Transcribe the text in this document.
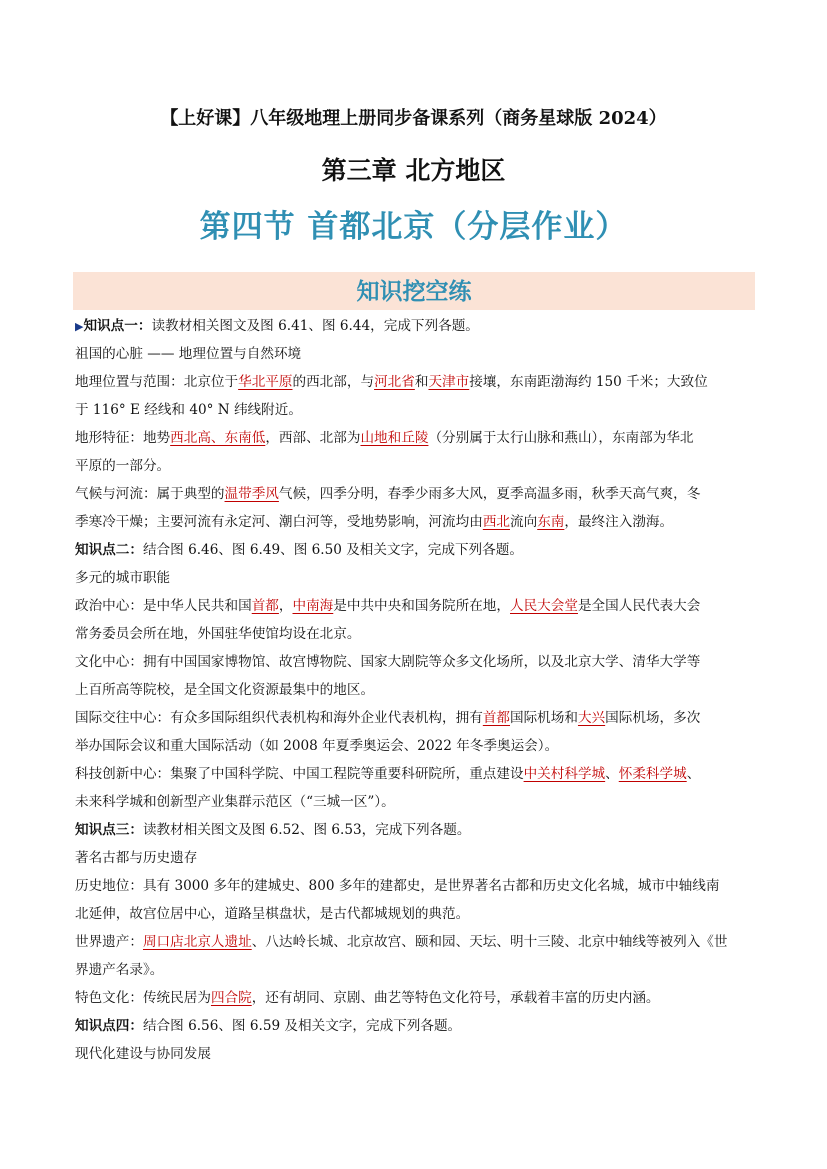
【上好课】八年级地理上册同步备课系列（商务星球版 2024）
第三章 北方地区
第四节 首都北京（分层作业）
知识挖空练
▶知识点一：读教材相关图文及图 6.41、图 6.44，完成下列各题。
祖国的心脏 —— 地理位置与自然环境
地理位置与范围：北京位于华北平原的西北部，与河北省和天津市接壤，东南距渤海约 150 千米；大致位
于 116° E 经线和 40° N 纬线附近。
地形特征：地势西北高、东南低，西部、北部为山地和丘陵（分别属于太行山脉和燕山），东南部为华北
平原的一部分。
气候与河流：属于典型的温带季风气候，四季分明，春季少雨多大风，夏季高温多雨，秋季天高气爽，冬
季寒冷干燥；主要河流有永定河、潮白河等，受地势影响，河流均由西北流向东南，最终注入渤海。
知识点二：结合图 6.46、图 6.49、图 6.50 及相关文字，完成下列各题。
多元的城市职能
政治中心：是中华人民共和国首都，中南海是中共中央和国务院所在地，人民大会堂是全国人民代表大会
常务委员会所在地，外国驻华使馆均设在北京。
文化中心：拥有中国国家博物馆、故宫博物院、国家大剧院等众多文化场所，以及北京大学、清华大学等
上百所高等院校，是全国文化资源最集中的地区。
国际交往中心：有众多国际组织代表机构和海外企业代表机构，拥有首都国际机场和大兴国际机场，多次
举办国际会议和重大国际活动（如 2008 年夏季奥运会、2022 年冬季奥运会）。
科技创新中心：集聚了中国科学院、中国工程院等重要科研院所，重点建设中关村科学城、怀柔科学城、
未来科学城和创新型产业集群示范区（“三城一区”）。
知识点三：读教材相关图文及图 6.52、图 6.53，完成下列各题。
著名古都与历史遗存
历史地位：具有 3000 多年的建城史、800 多年的建都史，是世界著名古都和历史文化名城，城市中轴线南
北延伸，故宫位居中心，道路呈棋盘状，是古代都城规划的典范。
世界遗产：周口店北京人遗址、八达岭长城、北京故宫、颐和园、天坛、明十三陵、北京中轴线等被列入《世
界遗产名录》。
特色文化：传统民居为四合院，还有胡同、京剧、曲艺等特色文化符号，承载着丰富的历史内涵。
知识点四：结合图 6.56、图 6.59 及相关文字，完成下列各题。
现代化建设与协同发展
